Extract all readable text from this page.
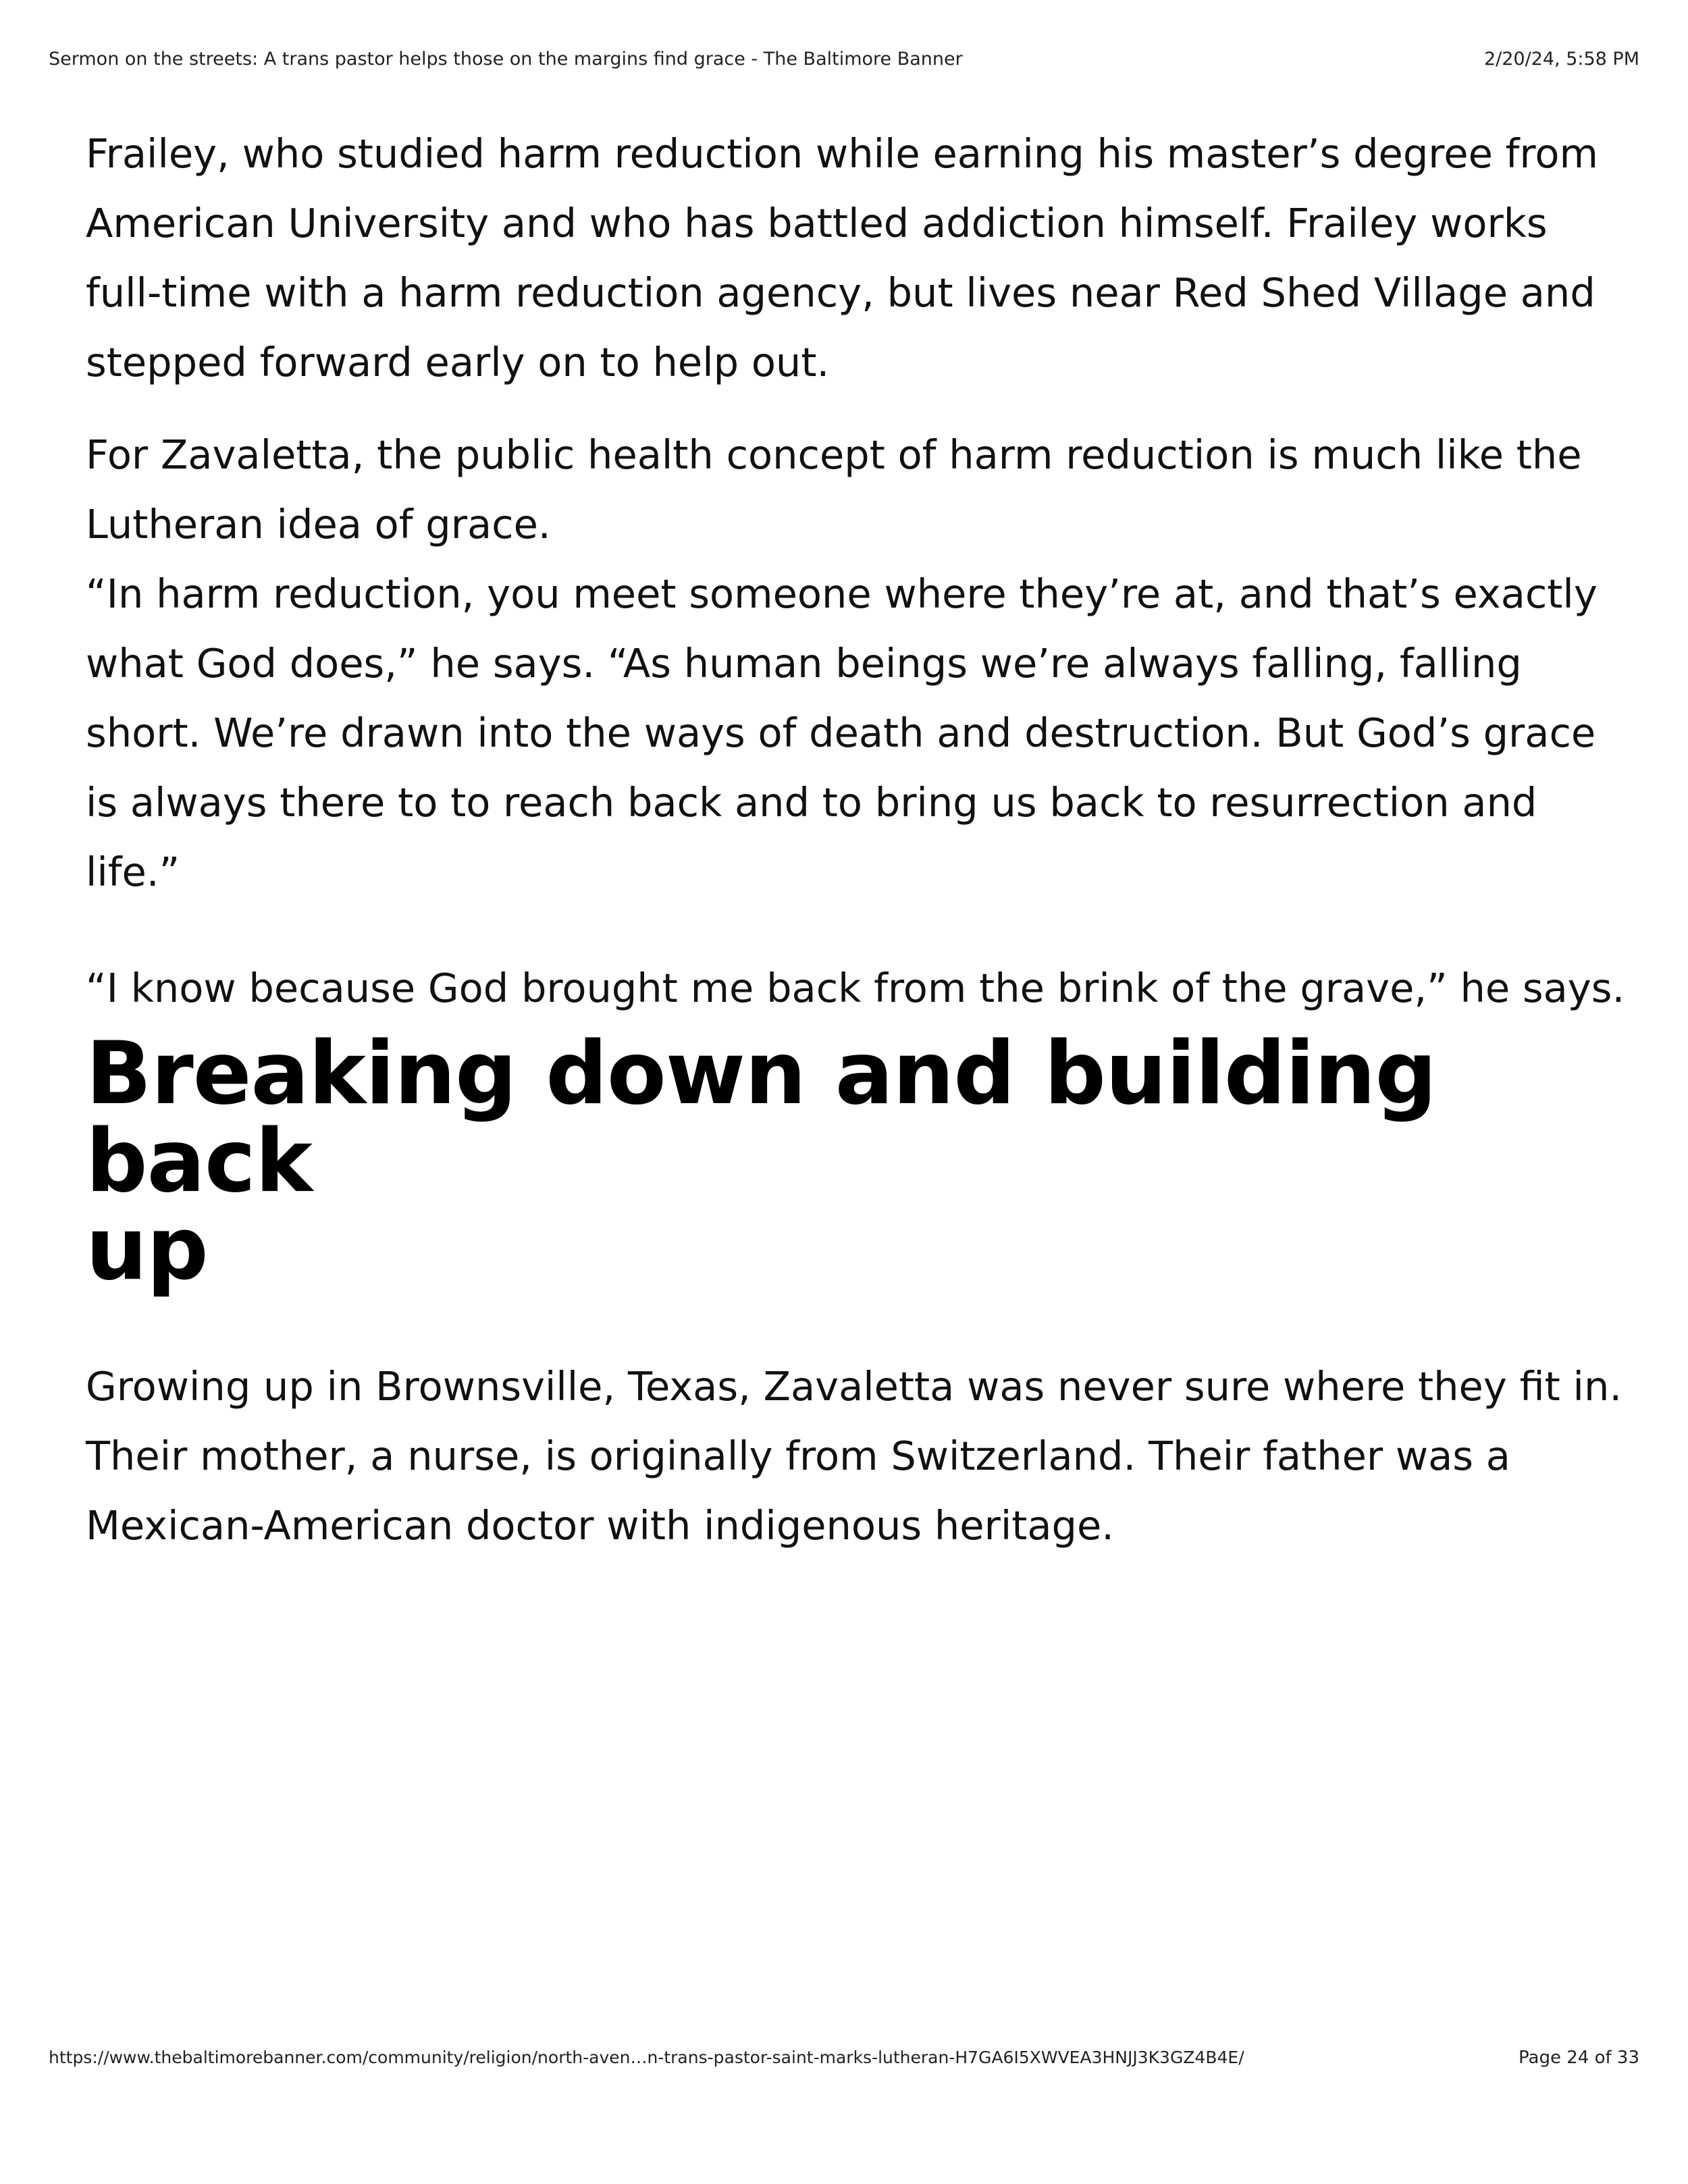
Sermon on the streets: A trans pastor helps those on the margins find grace - The Baltimore Banner	2/20/24, 5:58 PM

Frailey, who studied harm reduction while earning his master’s degree from
American University and who has battled addiction himself. Frailey works
full-time with a harm reduction agency, but lives near Red Shed Village and
stepped forward early on to help out.

For Zavaletta, the public health concept of harm reduction is much like the
Lutheran idea of grace.
“In harm reduction, you meet someone where they’re at, and that’s exactly
what God does,” he says. “As human beings we’re always falling, falling
short. We’re drawn into the ways of death and destruction. But God’s grace
is always there to to reach back and to bring us back to resurrection and
life.”

“I know because God brought me back from the brink of the grave,” he says.

Breaking down and building back
up

Growing up in Brownsville, Texas, Zavaletta was never sure where they fit in.
Their mother, a nurse, is originally from Switzerland. Their father was a
Mexican-American doctor with indigenous heritage.

https://www.thebaltimorebanner.com/community/religion/north-aven…n-trans-pastor-saint-marks-lutheran-H7GA6I5XWVEA3HNJJ3K3GZ4B4E/	Page 24 of 33
